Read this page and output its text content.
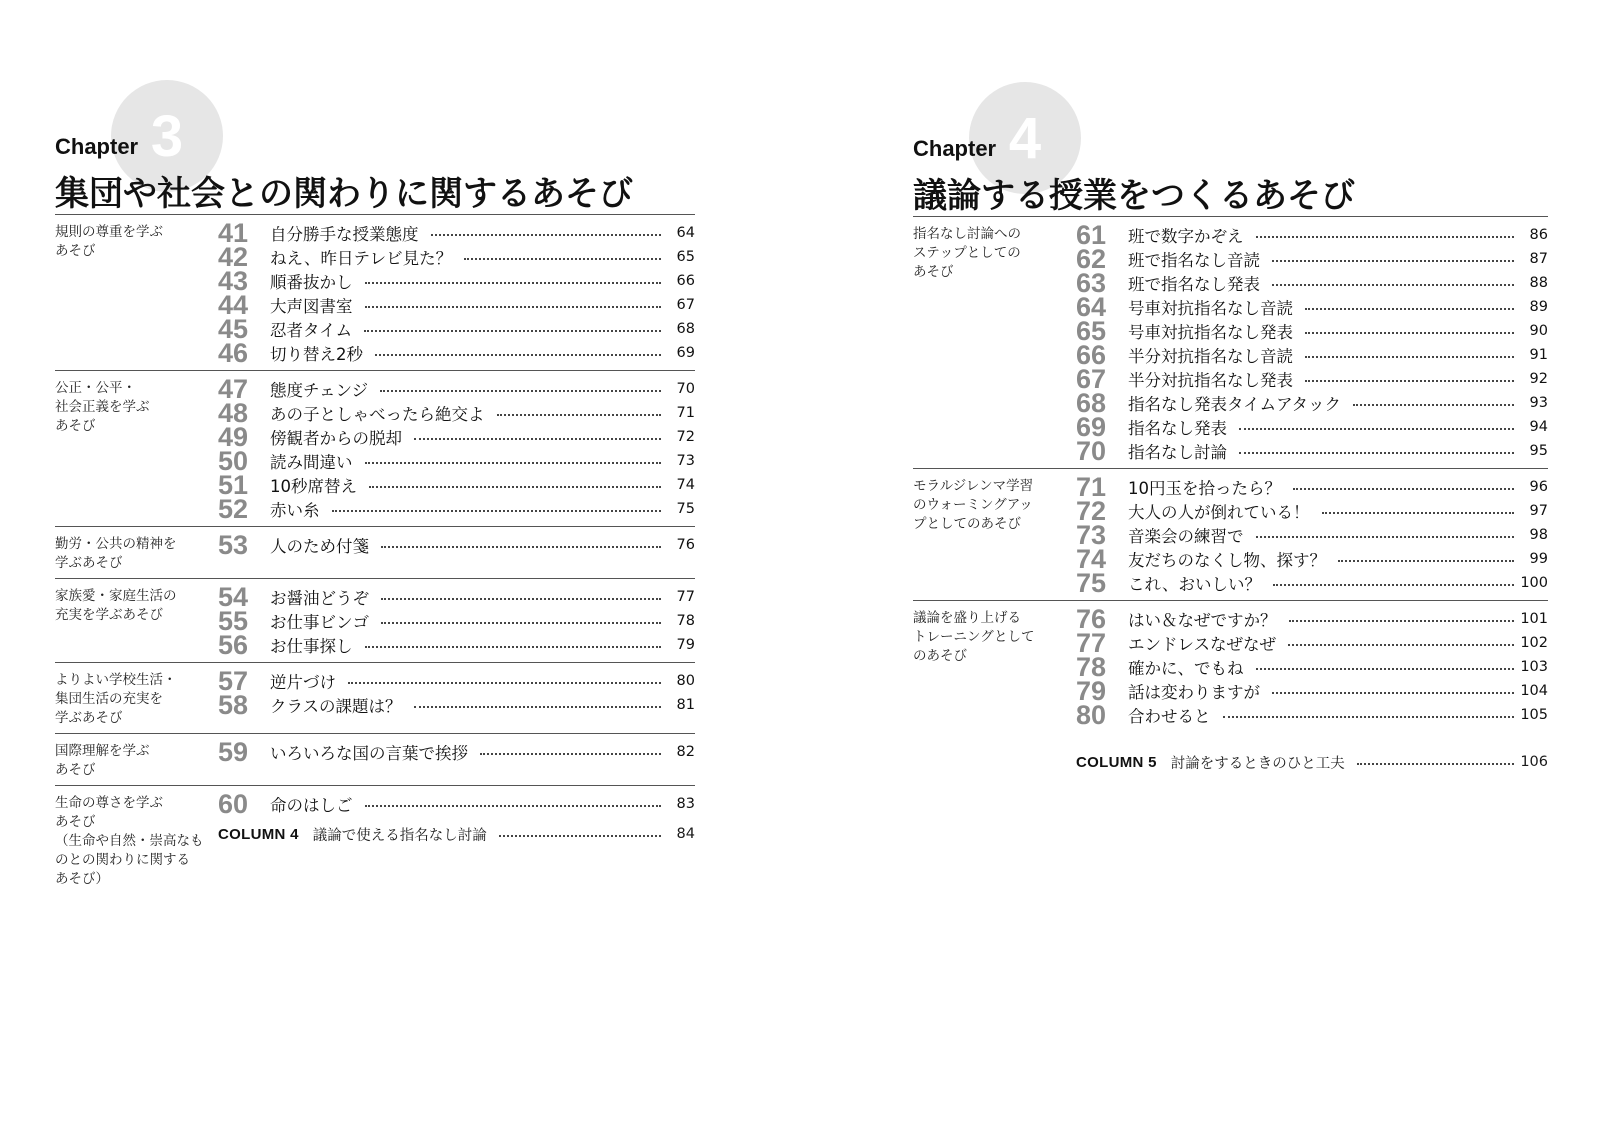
3
Chapter
集団や社会との関わりに関するあそび
規則の尊重を学ぶ
あそび
41	自分勝手な授業態度	64
42	ねえ、昨日テレビ見た？	65
43	順番抜かし	66
44	大声図書室	67
45	忍者タイム	68
46	切り替え2秒	69
公正・公平・
社会正義を学ぶ
あそび
47	態度チェンジ	70
48	あの子としゃべったら絶交よ	71
49	傍観者からの脱却	72
50	読み間違い	73
51	10秒席替え	74
52	赤い糸	75
勤労・公共の精神を
学ぶあそび
53	人のため付箋	76
家族愛・家庭生活の
充実を学ぶあそび
54	お醤油どうぞ	77
55	お仕事ビンゴ	78
56	お仕事探し	79
よりよい学校生活・
集団生活の充実を
学ぶあそび
57	逆片づけ	80
58	クラスの課題は？	81
国際理解を学ぶ
あそび
59	いろいろな国の言葉で挨拶	82
生命の尊さを学ぶ
あそび
（生命や自然・崇高なも
のとの関わりに関する
あそび）
60	命のはしご	83
COLUMN 4 議論で使える指名なし討論	84
4
Chapter
議論する授業をつくるあそび
指名なし討論への
ステップとしての
あそび
61	班で数字かぞえ	86
62	班で指名なし音読	87
63	班で指名なし発表	88
64	号車対抗指名なし音読	89
65	号車対抗指名なし発表	90
66	半分対抗指名なし音読	91
67	半分対抗指名なし発表	92
68	指名なし発表タイムアタック	93
69	指名なし発表	94
70	指名なし討論	95
モラルジレンマ学習
のウォーミングアッ
プとしてのあそび
71	10円玉を拾ったら？	96
72	大人の人が倒れている！	97
73	音楽会の練習で	98
74	友だちのなくし物、探す？	99
75	これ、おいしい？	100
議論を盛り上げる
トレーニングとして
のあそび
76	はい＆なぜですか？	101
77	エンドレスなぜなぜ	102
78	確かに、でもね	103
79	話は変わりますが	104
80	合わせると	105
COLUMN 5 討論をするときのひと工夫	106
